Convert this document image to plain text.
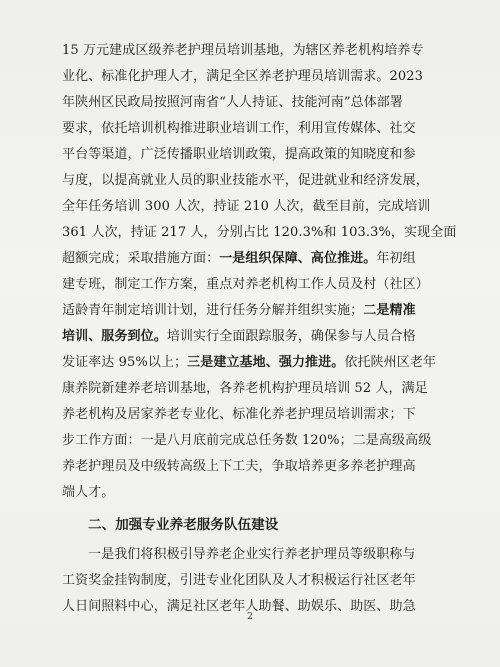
15 万元建成区级养老护理员培训基地，为辖区养老机构培养专
业化、标准化护理人才，满足全区养老护理员培训需求。2023
年陕州区民政局按照河南省“人人持证、技能河南”总体部署
要求，依托培训机构推进职业培训工作，利用宣传媒体、社交
平台等渠道，广泛传播职业培训政策，提高政策的知晓度和参
与度，以提高就业人员的职业技能水平，促进就业和经济发展，
全年任务培训 300 人次，持证 210 人次，截至目前，完成培训
361 人次，持证 217 人，分别占比 120.3%和 103.3%，实现全面
超额完成；采取措施方面：一是组织保障、高位推进。年初组
建专班，制定工作方案，重点对养老机构工作人员及村（社区）
适龄青年制定培训计划，进行任务分解并组织实施；二是精准
培训、服务到位。培训实行全面跟踪服务，确保参与人员合格
发证率达 95%以上；三是建立基地、强力推进。依托陕州区老年
康养院新建养老培训基地，各养老机构护理员培训 52 人，满足
养老机构及居家养老专业化、标准化养老护理员培训需求；下
步工作方面：一是八月底前完成总任务数 120%；二是高级高级
养老护理员及中级转高级上下工夫，争取培养更多养老护理高
端人才。
二、加强专业养老服务队伍建设
一是我们将积极引导养老企业实行养老护理员等级职称与
工资奖金挂钩制度，引进专业化团队及人才积极运行社区老年
人日间照料中心，满足社区老年人助餐、助娱乐、助医、助急
2
